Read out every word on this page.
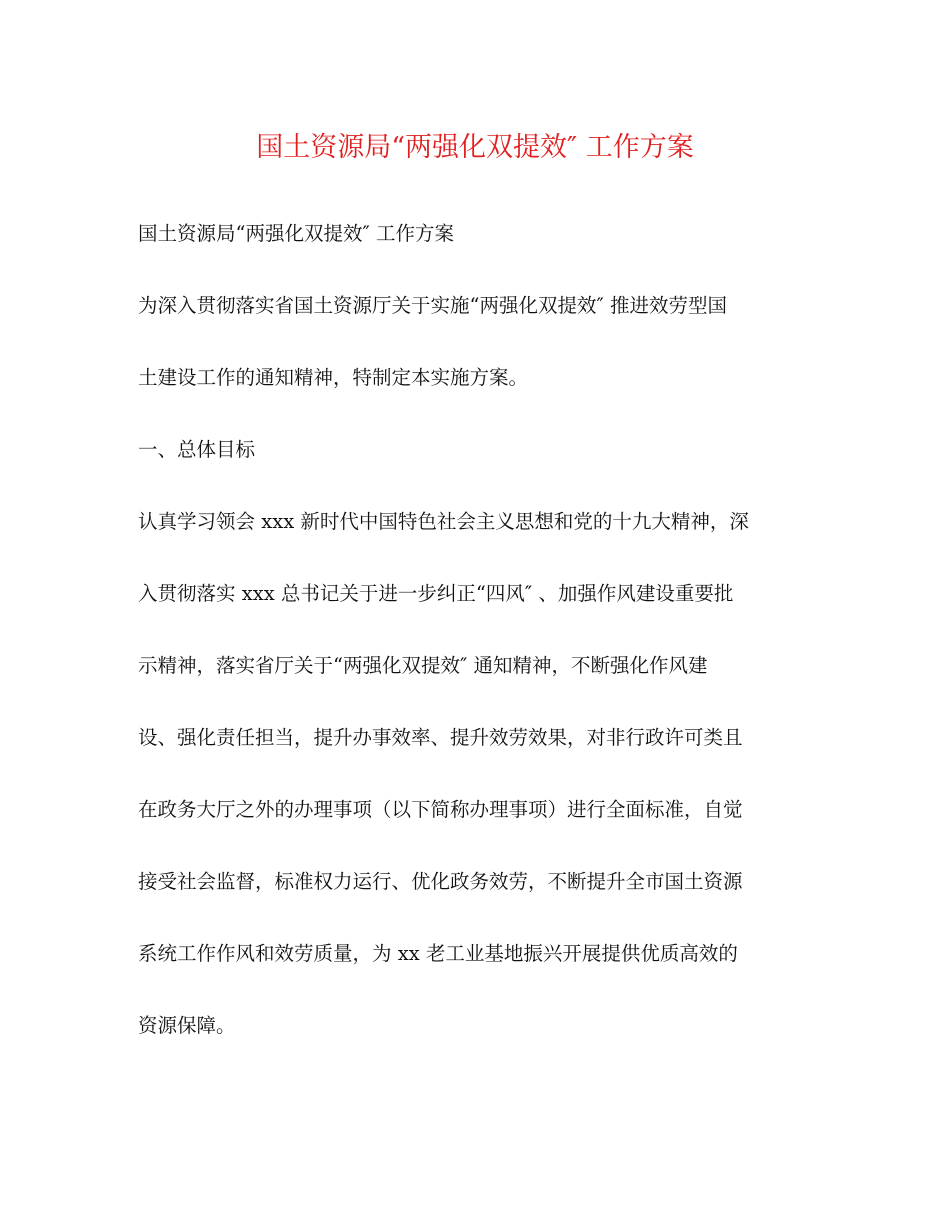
国土资源局“两强化双提效″ 工作方案
国土资源局“两强化双提效″ 工作方案
为深入贯彻落实省国土资源厅关于实施“两强化双提效″ 推进效劳型国
土建设工作的通知精神，特制定本实施方案。
一、总体目标
认真学习领会 xxx 新时代中国特色社会主义思想和党的十九大精神，深
入贯彻落实 xxx 总书记关于进一步纠正“四风″ 、加强作风建设重要批
示精神，落实省厅关于“两强化双提效″ 通知精神，不断强化作风建
设、强化责任担当，提升办事效率、提升效劳效果，对非行政许可类且
在政务大厅之外的办理事项（以下简称办理事项）进行全面标准，自觉
接受社会监督，标准权力运行、优化政务效劳，不断提升全市国土资源
系统工作作风和效劳质量，为 xx 老工业基地振兴开展提供优质高效的
资源保障。
